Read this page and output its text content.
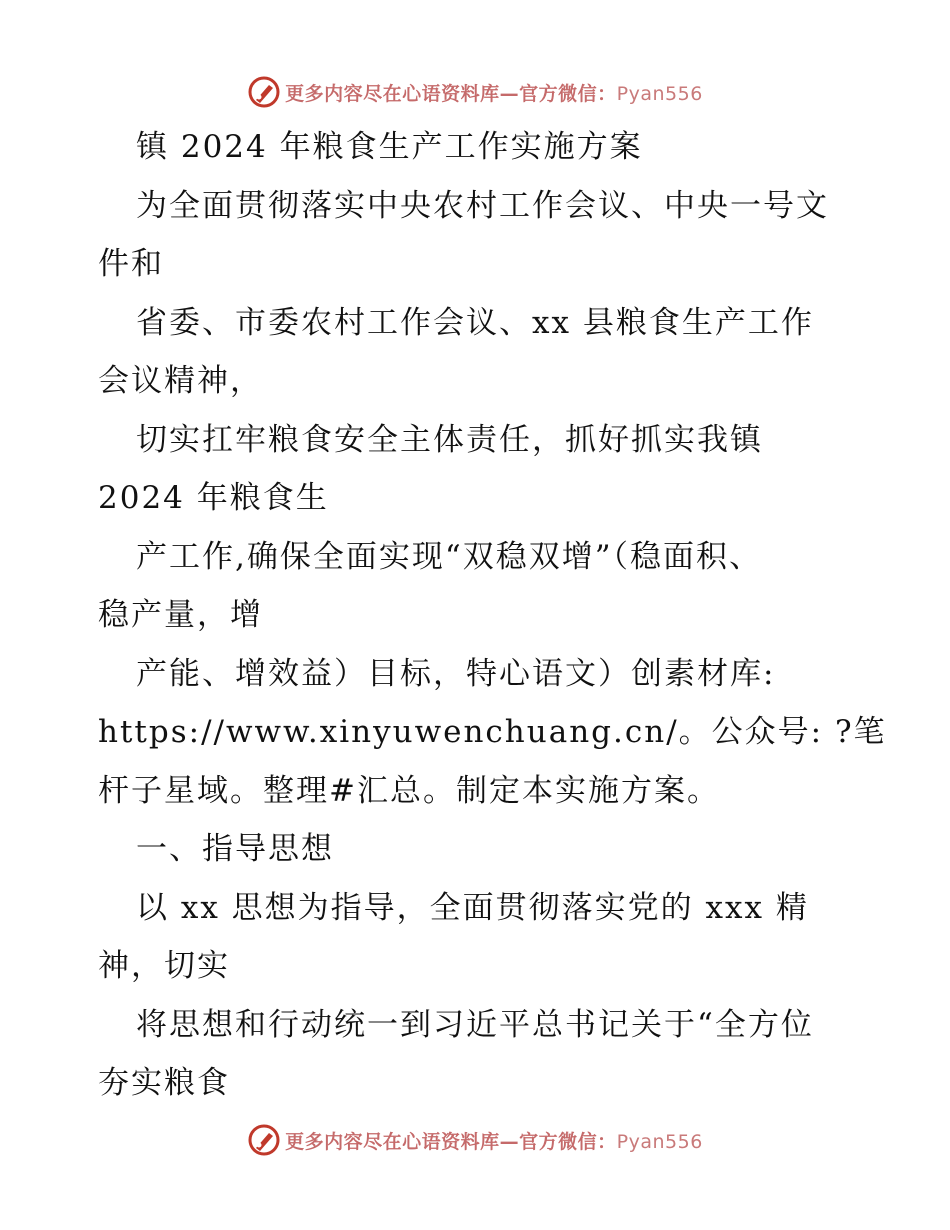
更多内容尽在心语资料库—官方微信：Pyan556
镇 2024 年粮食生产工作实施方案
为全面贯彻落实中央农村工作会议、中央一号文
件和
省委、市委农村工作会议、xx 县粮食生产工作
会议精神，
切实扛牢粮食安全主体责任，抓好抓实我镇
2024 年粮食生
产工作,确保全面实现“双稳双增”（稳面积、
稳产量，增
产能、增效益）目标，特心语文）创素材库:
https://www.xinyuwenchuang.cn/。公众号: ?笔
杆子星域。整理#汇总。制定本实施方案。
一、指导思想
以 xx 思想为指导，全面贯彻落实党的 xxx 精
神，切实
将思想和行动统一到习近平总书记关于“全方位
夯实粮食
更多内容尽在心语资料库—官方微信：Pyan556
